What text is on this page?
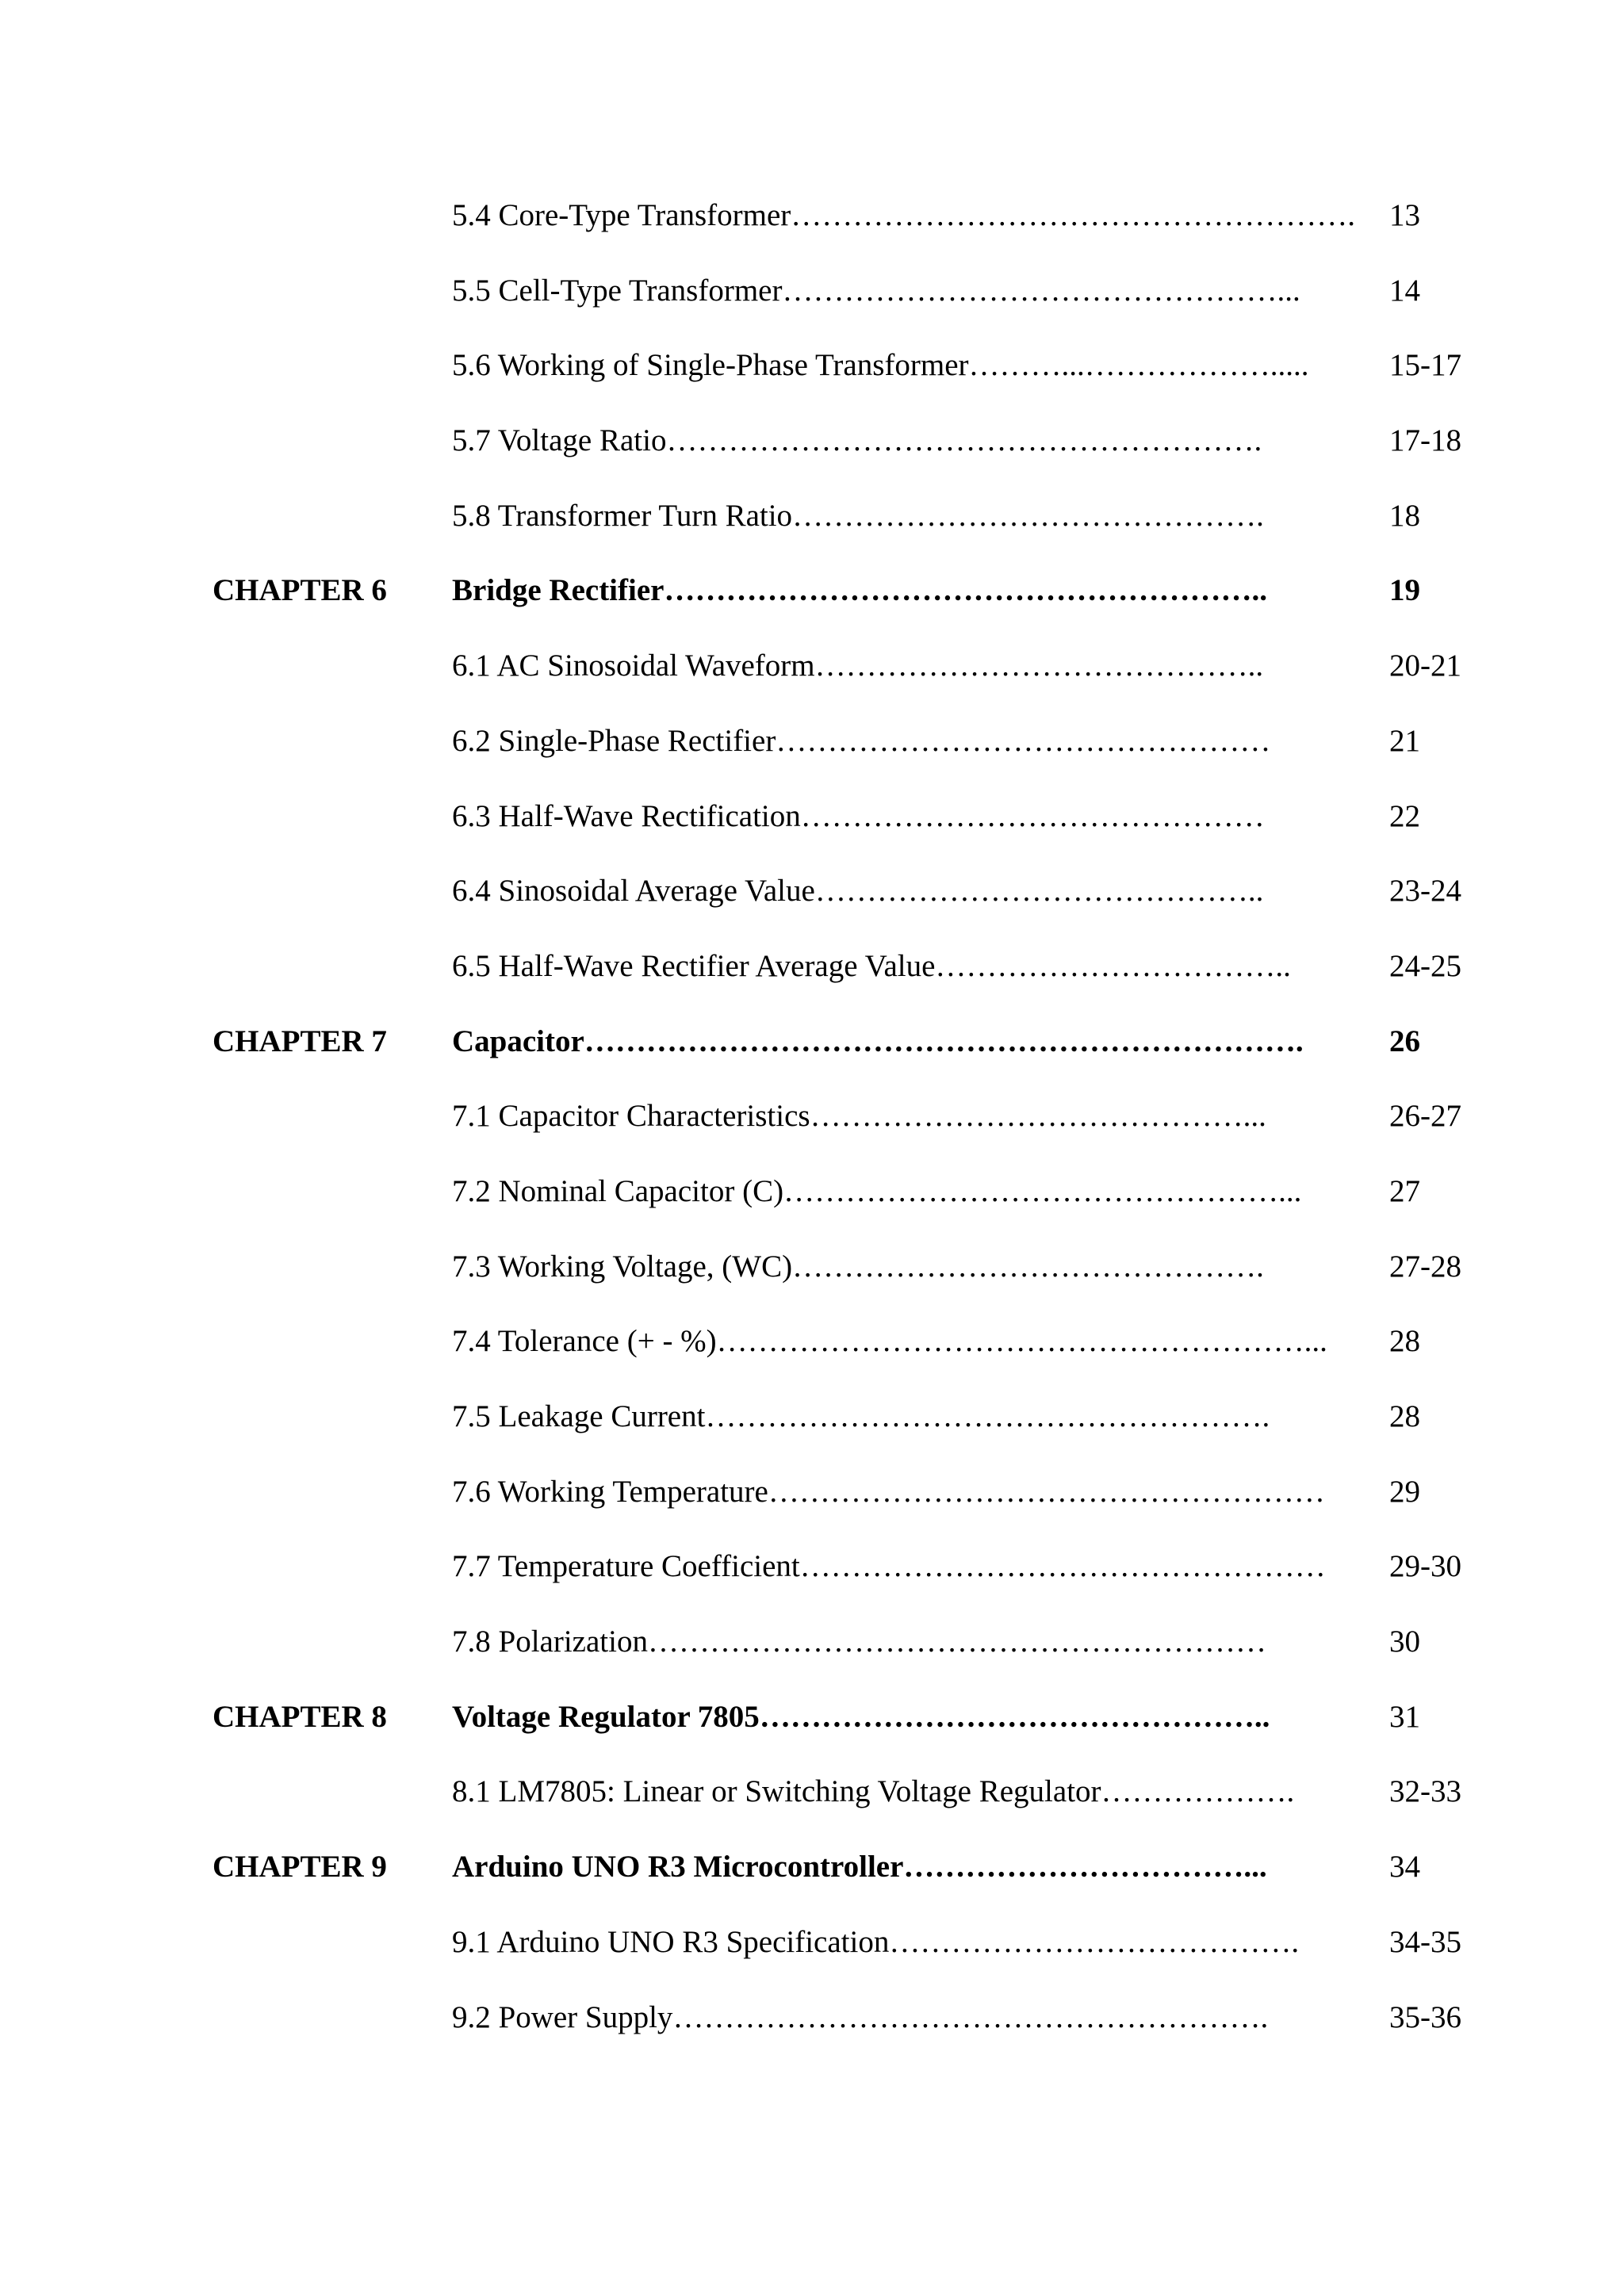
5.4 Core-Type Transformer………………………………………………. 13
5.5 Cell-Type Transformer…………………………………………...	14
5.6 Working of Single-Phase Transformer………...……………….....	15-17
5.7 Voltage Ratio………………………………………………….	17-18
5.8 Transformer Turn Ratio……………………………………….	18
CHAPTER 6 Bridge Rectifier…………………………………………………..	19
6.1 AC Sinosoidal Waveform……………………………………..	20-21
6.2 Single-Phase Rectifier…………………………………………	21
6.3 Half-Wave Rectification………………………………………	22
6.4 Sinosoidal Average Value……………………………………..	23-24
6.5 Half-Wave Rectifier Average Value……………………………..	24-25
CHAPTER 7 Capacitor…………………………………………………………….	26
7.1 Capacitor Characteristics……………………………………...	26-27
7.2 Nominal Capacitor (C)…………………………………………...	27
7.3 Working Voltage, (WC)……………………………………….	27-28
7.4 Tolerance (+ - %)…………………………………………………...	28
7.5 Leakage Current……………………………………………….	28
7.6 Working Temperature………………………………………………	29
7.7 Temperature Coefficient……………………………………………	29-30
7.8 Polarization……………………………………………………	30
CHAPTER 8 Voltage Regulator 7805…………………………………………..	31
8.1 LM7805: Linear or Switching Voltage Regulator……………….	32-33
CHAPTER 9 Arduino UNO R3 Microcontroller……………………………...	34
9.1 Arduino UNO R3 Specification………………………………….	34-35
9.2 Power Supply………………………………………………….	35-36
